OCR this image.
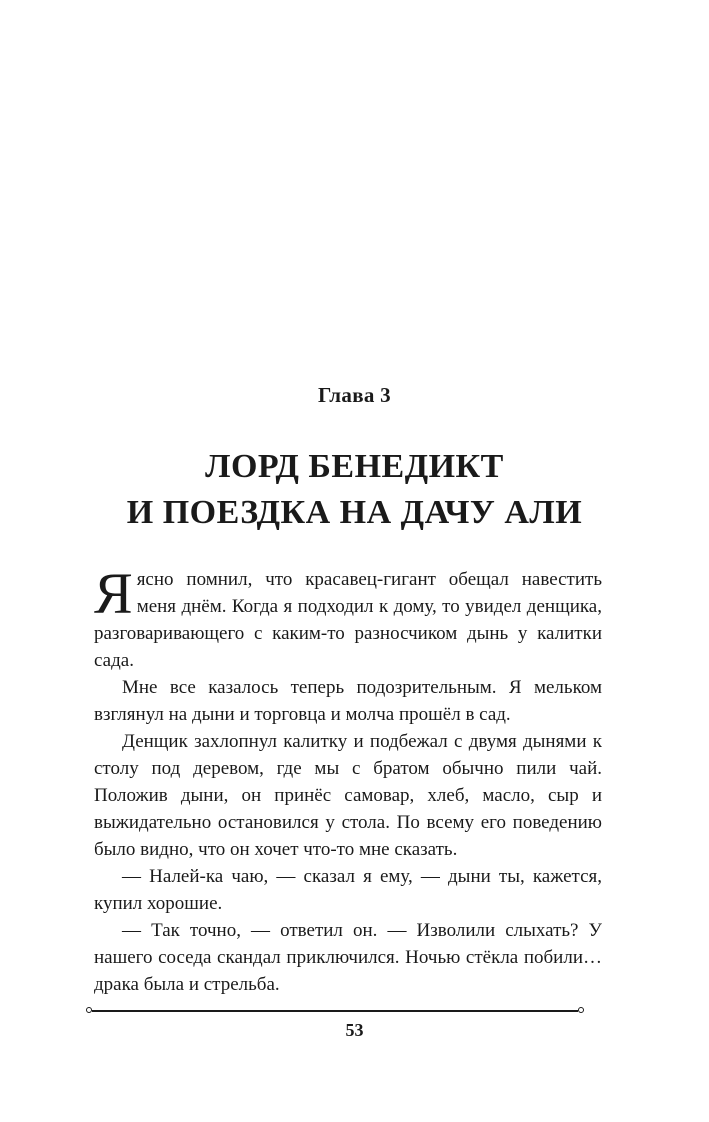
Глава 3
ЛОРД БЕНЕДИКТ
И ПОЕЗДКА НА ДАЧУ АЛИ

Яясно помнил, что красавец-гигант обещал навестить меня днём. Когда я подходил к дому, то увидел денщика, разговаривающего с каким-то разносчиком дынь у калитки сада.

Мне все казалось теперь подозрительным. Я мельком взглянул на дыни и торговца и молча прошёл в сад.

Денщик захлопнул калитку и подбежал с двумя дынями к столу под деревом, где мы с братом обычно пили чай. Положив дыни, он принёс самовар, хлеб, масло, сыр и выжидательно остановился у стола. По всему его поведению было видно, что он хочет что-то мне сказать.

— Налей-ка чаю, — сказал я ему, — дыни ты, кажется, купил хорошие.

— Так точно, — ответил он. — Изволили слыхать? У нашего соседа скандал приключился. Ночью стёкла побили… драка была и стрельба.

53
